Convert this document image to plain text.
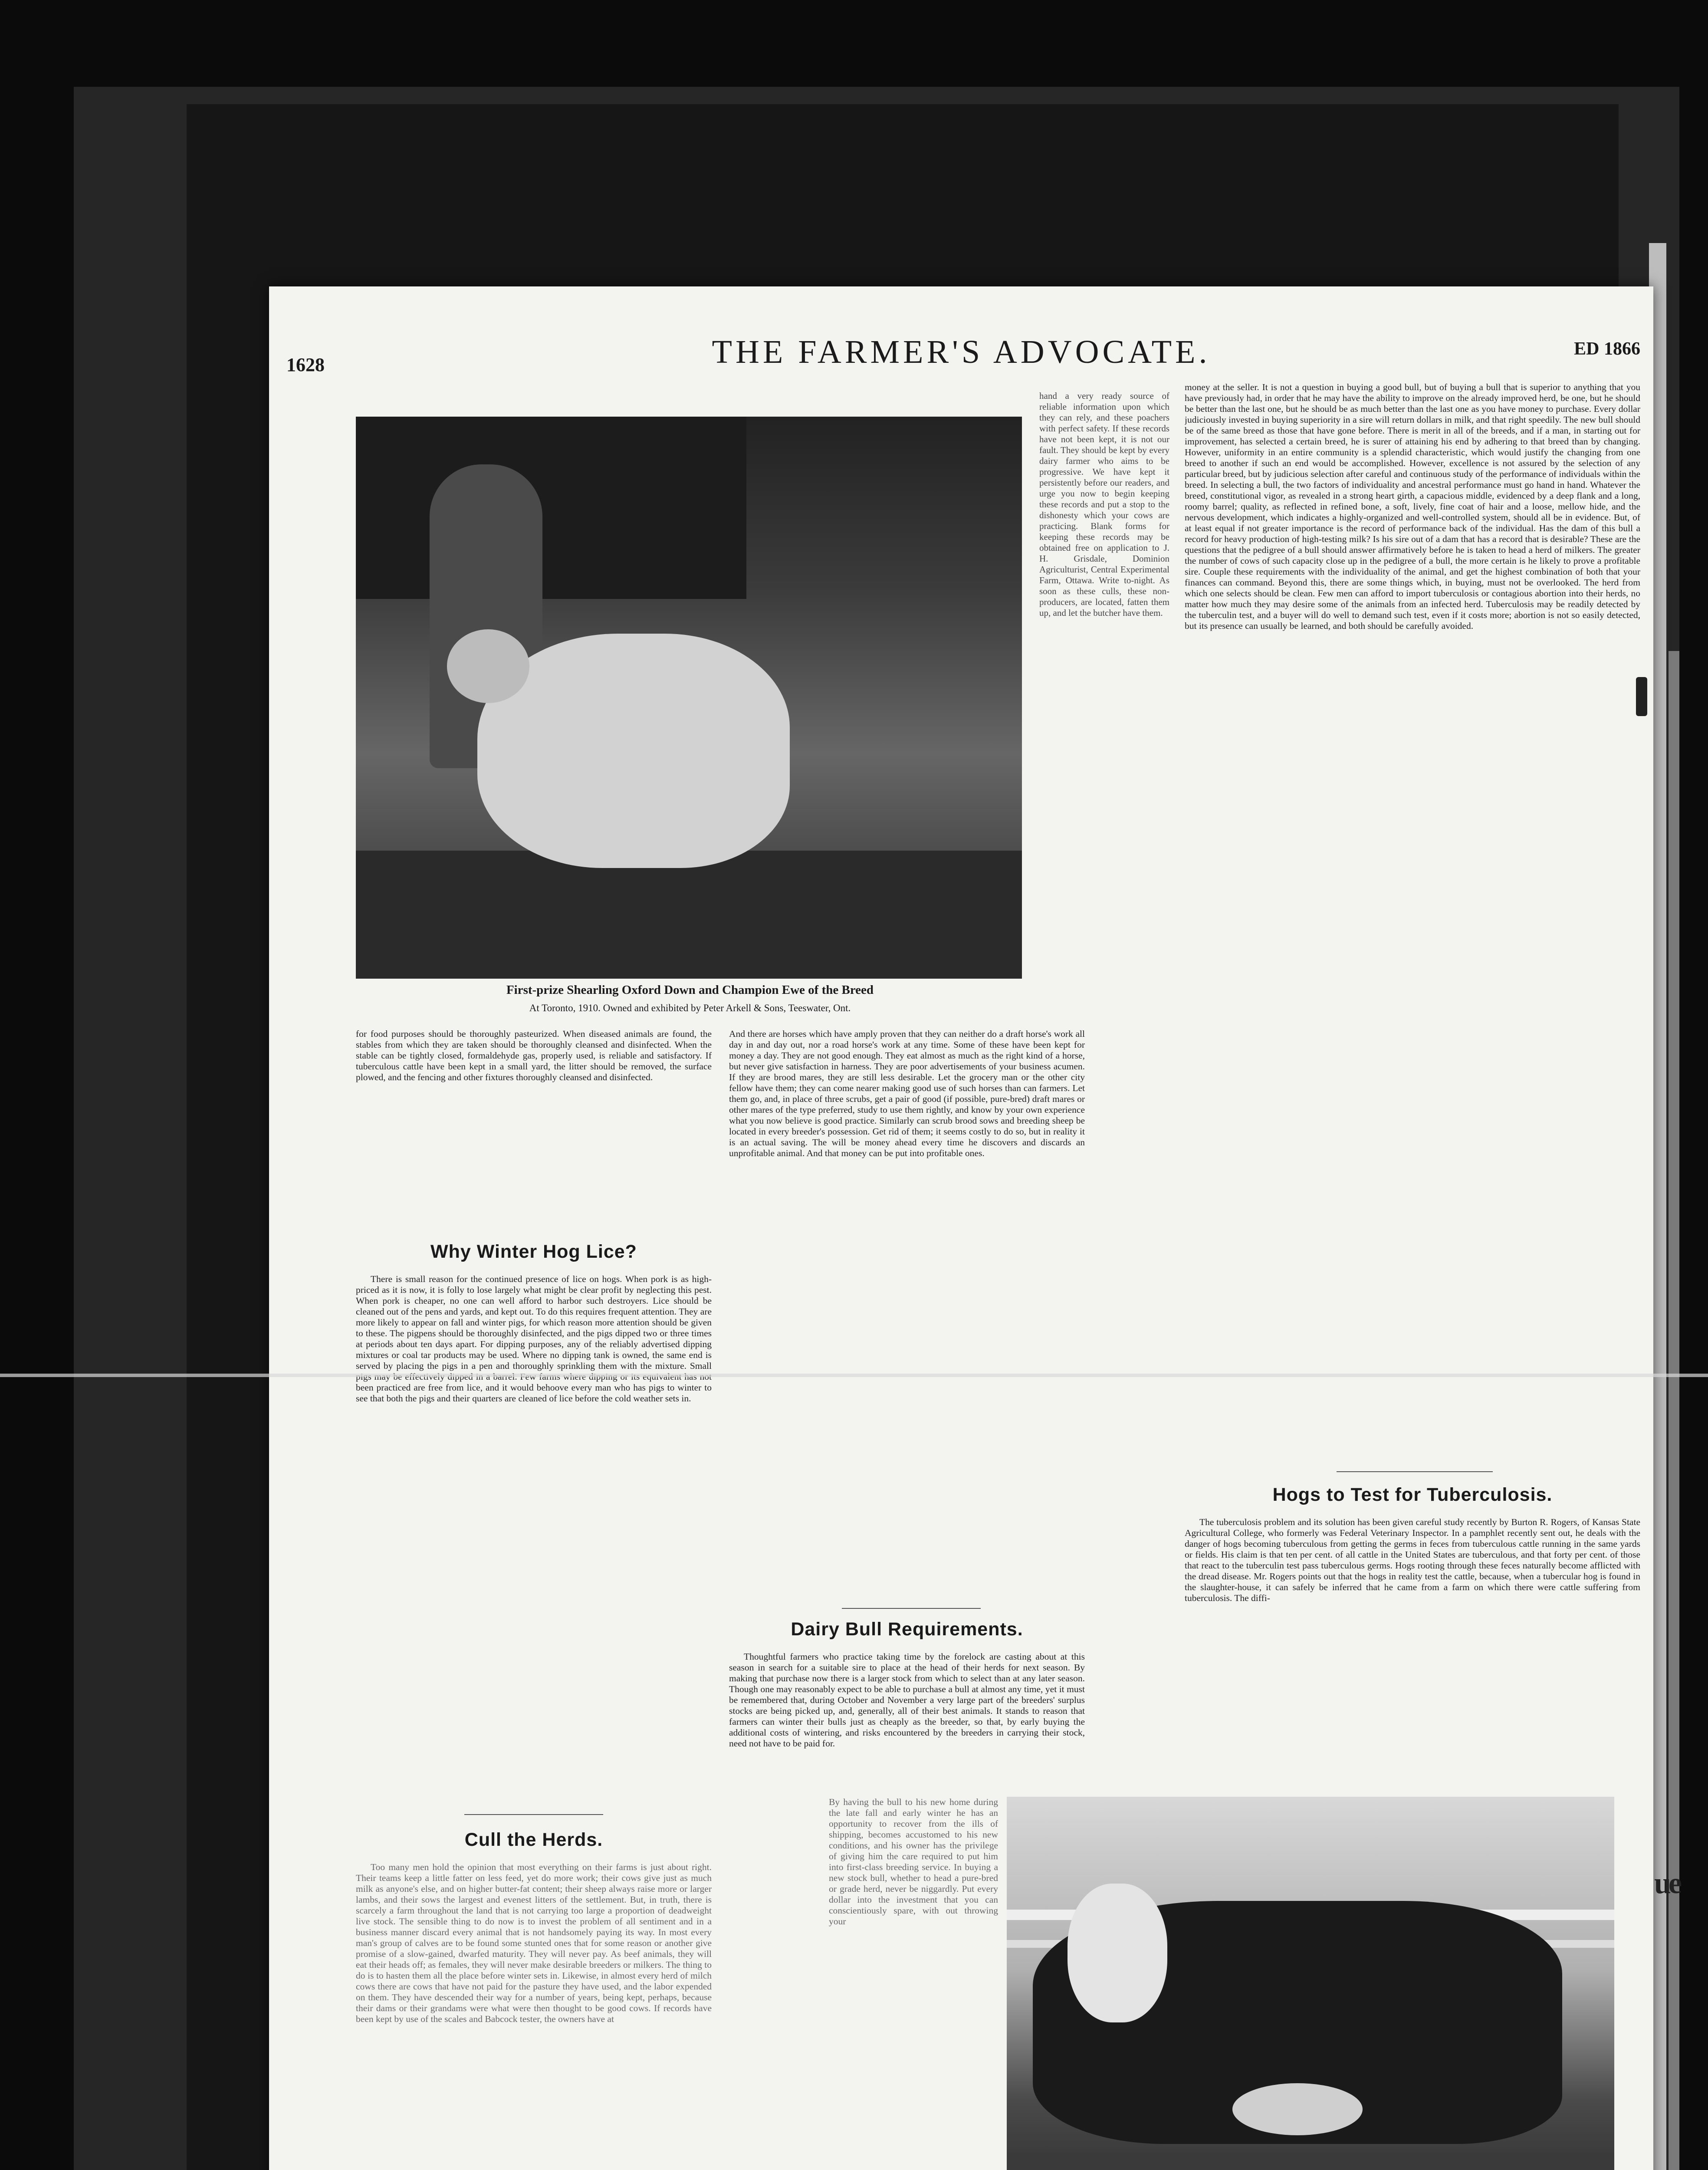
1628	THE FARMER'S ADVOCATE.	ED 1866
First-prize Shearling Oxford Down and Champion Ewe of the Breed
At Toronto, 1910. Owned and exhibited by Peter Arkell & Sons, Teeswater, Ont.

hand a very ready source of reliable information upon which they can rely, and these poachers with perfect safety. If these records have not been kept, it is not our fault. They should be kept by every dairy farmer who aims to be progressive. We have kept it persistently before our readers, and urge you now to begin keeping these records and put a stop to the dishonesty which your cows are practicing. Blank forms for keeping these records may be obtained free on application to J. H. Grisdale, Dominion Agriculturist, Central Experimental Farm, Ottawa. Write to-night. As soon as these culls, these non-producers, are located, fatten them up, and let the butcher have them.

money at the seller. It is not a question in buying a good bull, but of buying a bull that is superior to anything that you have previously had, in order that he may have the ability to improve on the already improved herd, be one, but he should be better than the last one, but he should be as much better than the last one as you have money to purchase. Every dollar judiciously invested in buying superiority in a sire will return dollars in milk, and that right speedily. The new bull should be of the same breed as those that have gone before. There is merit in all of the breeds, and if a man, in starting out for improvement, has selected a certain breed, he is surer of attaining his end by adhering to that breed than by changing. However, uniformity in an entire community is a splendid characteristic, which would justify the changing from one breed to another if such an end would be accomplished. However, excellence is not assured by the selection of any particular breed, but by judicious selection after careful and continuous study of the performance of individuals within the breed. In selecting a bull, the two factors of individuality and ancestral performance must go hand in hand. Whatever the breed, constitutional vigor, as revealed in a strong heart girth, a capacious middle, evidenced by a deep flank and a long, roomy barrel; quality, as reflected in refined bone, a soft, lively, fine coat of hair and a loose, mellow hide, and the nervous development, which indicates a highly-organized and well-controlled system, should all be in evidence. But, of at least equal if not greater importance is the record of performance back of the individual. Has the dam of this bull a record for heavy production of high-testing milk? Is his sire out of a dam that has a record that is desirable? These are the questions that the pedigree of a bull should answer affirmatively before he is taken to head a herd of milkers. The greater the number of cows of such capacity close up in the pedigree of a bull, the more certain is he likely to prove a profitable sire. Couple these requirements with the individuality of the animal, and get the highest combination of both that your finances can command. Beyond this, there are some things which, in buying, must not be overlooked. The herd from which one selects should be clean. Few men can afford to import tuberculosis or contagious abortion into their herds, no matter how much they may desire some of the animals from an infected herd. Tuberculosis may be readily detected by the tuberculin test, and a buyer will do well to demand such test, even if it costs more; abortion is not so easily detected, but its presence can usually be learned, and both should be carefully avoided.

for food purposes should be thoroughly pasteurized. When diseased animals are found, the stables from which they are taken should be thoroughly cleansed and disinfected. When the stable can be tightly closed, formaldehyde gas, properly used, is reliable and satisfactory. If tuberculous cattle have been kept in a small yard, the litter should be removed, the surface plowed, and the fencing and other fixtures thoroughly cleansed and disinfected.

And there are horses which have amply proven that they can neither do a draft horse's work all day in and day out, nor a road horse's work at any time. Some of these have been kept for money a day. They are not good enough. They eat almost as much as the right kind of a horse, but never give satisfaction in harness. They are poor advertisements of your business acumen. If they are brood mares, they are still less desirable. Let the grocery man or the other city fellow have them; they can come nearer making good use of such horses than can farmers. Let them go, and, in place of three scrubs, get a pair of good (if possible, pure-bred) draft mares or other mares of the type preferred, study to use them rightly, and know by your own experience what you now believe is good practice. Similarly can scrub brood sows and breeding sheep be located in every breeder's possession. Get rid of them; it seems costly to do so, but in reality it is an actual saving. The will be money ahead every time he discovers and discards an unprofitable animal. And that money can be put into profitable ones.

Why Winter Hog Lice?

There is small reason for the continued presence of lice on hogs. When pork is as high-priced as it is now, it is folly to lose largely what might be clear profit by neglecting this pest. When pork is cheaper, no one can well afford to harbor such destroyers. Lice should be cleaned out of the pens and yards, and kept out. To do this requires frequent attention. They are more likely to appear on fall and winter pigs, for which reason more attention should be given to these. The pigpens should be thoroughly disinfected, and the pigs dipped two or three times at periods about ten days apart. For dipping purposes, any of the reliably advertised dipping mixtures or coal tar products may be used. Where no dipping tank is owned, the same end is served by placing the pigs in a pen and thoroughly sprinkling them with the mixture. Small been practiced are free from lice, and it would behoove every man who has pigs to winter to see that both the pigs and their quarters are cleaned of lice before the cold weather sets in.

Cull the Herds.

Too many men hold the opinion that most everything on their farms is just about right. Their teams keep a little fatter on less feed, yet do more work; their cows give just as much milk as anyone's else, and on higher butter-fat content; their sheep always raise more or larger lambs, and their sows the largest and evenest litters of the settlement. But, in truth, there is scarcely a farm throughout the land that is not carrying too large a proportion of deadweight live stock. The sensible thing to do now is to invest the problem of all sentiment and in a business manner discard every animal that is not handsomely paying its way. In most every man's group of calves are to be found some stunted ones that for some reason or another give promise of a slow-gained, dwarfed maturity. They will never pay. As beef animals, they will eat their heads off; as females, they will never make desirable breeders or milkers. The thing to do is to hasten them all the place before winter sets in. Likewise, in almost every herd of milch cows there are cows that have not paid for the pasture they have used, and the labor expended on them. They have descended their way for a number of years, being kept, perhaps, because their dams or their grandams were what were then thought to be good cows. If records have been kept by use of the scales and Babcock tester, the owners have at

Dairy Bull Requirements.

Thoughtful farmers who practice taking time by the forelock are casting about at this season in search for a suitable sire to place at the head of their herds for next season. By making that purchase now there is a larger stock from which to select than at any later season. Though one may reasonably expect to be able to purchase a bull at almost any time, yet it must be remembered that, during October and November a very large part of the breeders' surplus stocks are being picked up, and, generally, all of their best animals. It stands to reason that farmers can winter their bulls just as cheaply as the breeder, so that, by early buying the additional costs of wintering, and risks encountered by the breeders in carrying their stock, need not have to be paid for.

By having the bull to his new home during the late fall and early winter he has an opportunity to recover from the ills of shipping, becomes accustomed to his new conditions, and his owner has the privilege of giving him the care required to put him into first-class breeding service. In buying a new stock bull, whether to head a pure-bred or grade herd, never be niggardly. Put every dollar into the investment that you can conscientiously spare, with out throwing your

Hogs to Test for Tuberculosis.

The tuberculosis problem and its solution has been given careful study recently by Burton R. Rogers, of Kansas State Agricultural College, who formerly was Federal Veterinary Inspector. In a pamphlet recently sent out, he deals with the danger of hogs becoming tuberculous from getting the germs in feces from tuberculous cattle running in the same yards or fields. His claim is that ten per cent. of all cattle in the United States are tuberculous, and that forty per cent. of those that react to the tuberculin test pass tuberculous germs. Hogs rooting through these feces naturally become afflicted with the dread disease. Mr. Rogers points out that the hogs in reality test the cattle, because, when a tubercular hog is found in the slaughter-house, it can safely be inferred that he came from a farm on which there were cattle suffering from tuberculosis. The diffi-

ue
